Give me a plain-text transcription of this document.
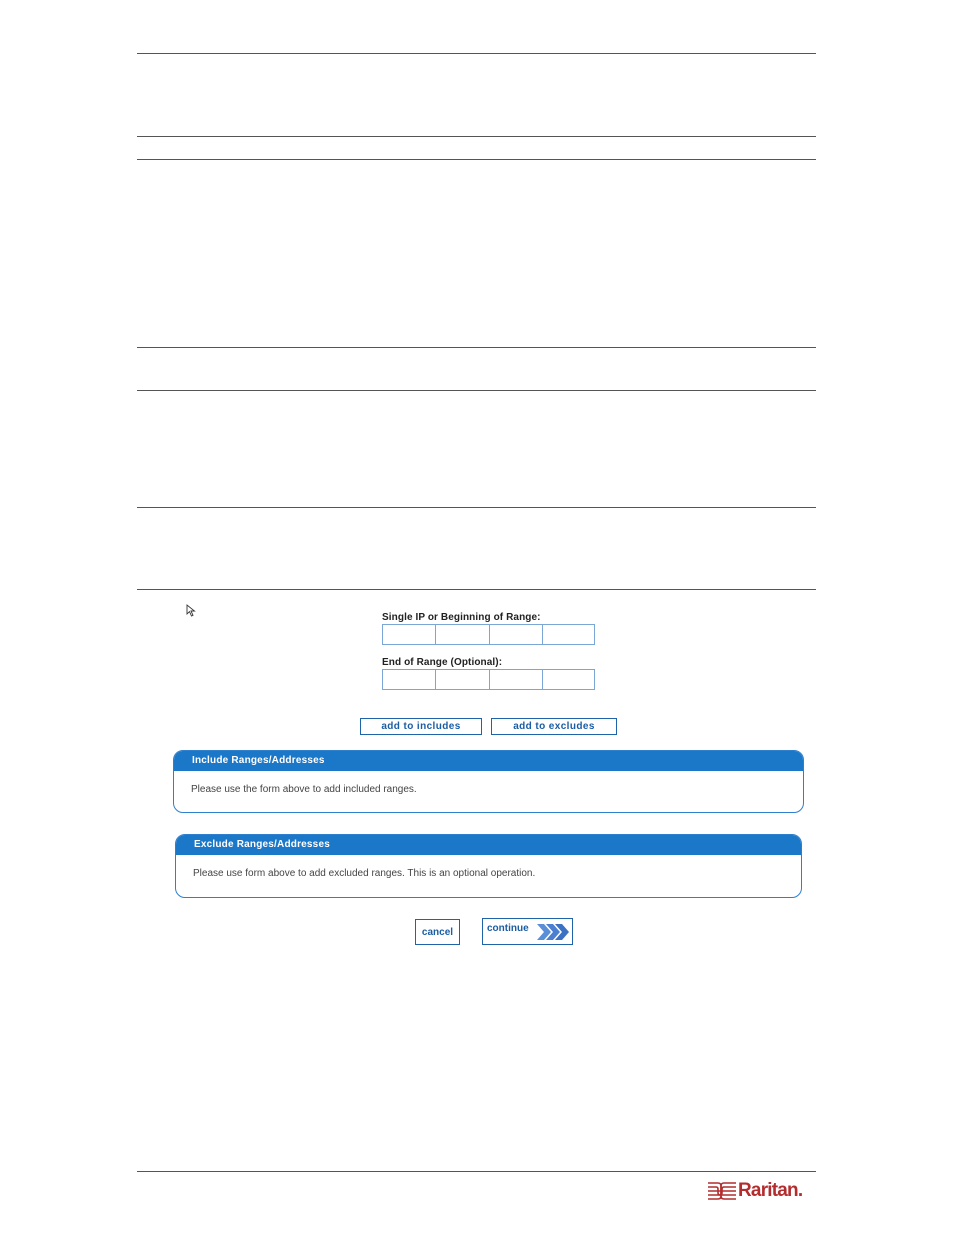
Single IP or Beginning of Range:
End of Range (Optional):
add to includes	add to excludes
Include Ranges/Addresses
Please use the form above to add included ranges.
Exclude Ranges/Addresses
Please use form above to add excluded ranges. This is an optional operation.
cancel	continue
Raritan.
